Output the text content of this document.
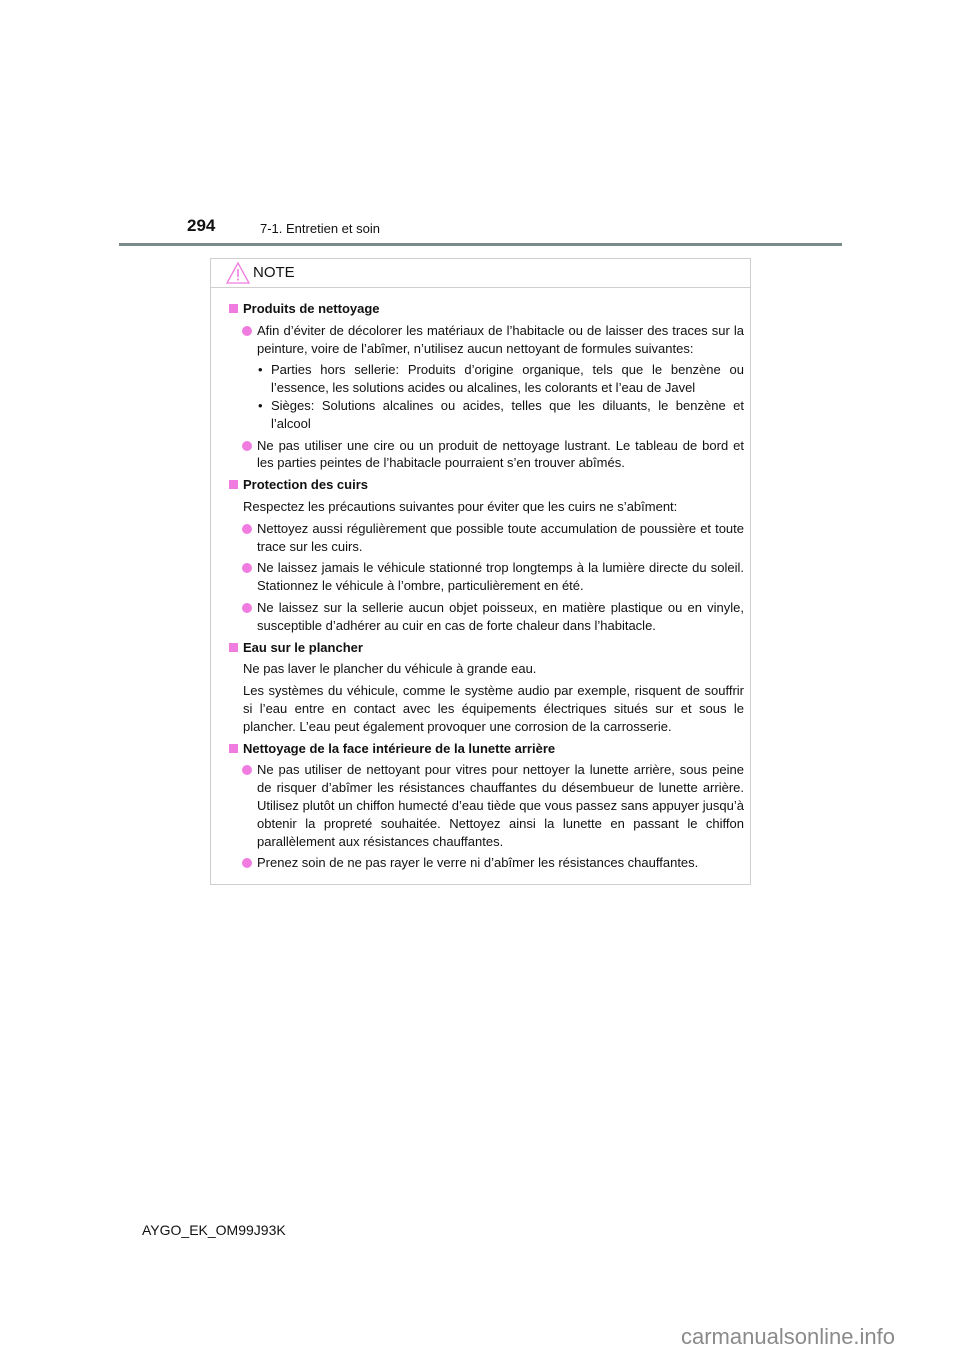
294	7-1. Entretien et soin
NOTE
Produits de nettoyage
Afin d’éviter de décolorer les matériaux de l’habitacle ou de laisser des traces sur la peinture, voire de l’abîmer, n’utilisez aucun nettoyant de formules suivantes:
• Parties hors sellerie: Produits d’origine organique, tels que le benzène ou l’essence, les solutions acides ou alcalines, les colorants et l’eau de Javel
• Sièges: Solutions alcalines ou acides, telles que les diluants, le benzène et l’alcool
Ne pas utiliser une cire ou un produit de nettoyage lustrant. Le tableau de bord et les parties peintes de l’habitacle pourraient s’en trouver abîmés.
Protection des cuirs
Respectez les précautions suivantes pour éviter que les cuirs ne s’abîment:
Nettoyez aussi régulièrement que possible toute accumulation de poussière et toute trace sur les cuirs.
Ne laissez jamais le véhicule stationné trop longtemps à la lumière directe du soleil. Stationnez le véhicule à l’ombre, particulièrement en été.
Ne laissez sur la sellerie aucun objet poisseux, en matière plastique ou en vinyle, susceptible d’adhérer au cuir en cas de forte chaleur dans l’habitacle.
Eau sur le plancher
Ne pas laver le plancher du véhicule à grande eau.
Les systèmes du véhicule, comme le système audio par exemple, risquent de souffrir si l’eau entre en contact avec les équipements électriques situés sur et sous le plancher. L’eau peut également provoquer une corrosion de la carrosserie.
Nettoyage de la face intérieure de la lunette arrière
Ne pas utiliser de nettoyant pour vitres pour nettoyer la lunette arrière, sous peine de risquer d’abîmer les résistances chauffantes du désembueur de lunette arrière. Utilisez plutôt un chiffon humecté d’eau tiède que vous passez sans appuyer jusqu’à obtenir la propreté souhaitée. Nettoyez ainsi la lunette en passant le chiffon parallèlement aux résistances chauffantes.
Prenez soin de ne pas rayer le verre ni d’abîmer les résistances chauffantes.
AYGO_EK_OM99J93K
carmanualsonline.info
